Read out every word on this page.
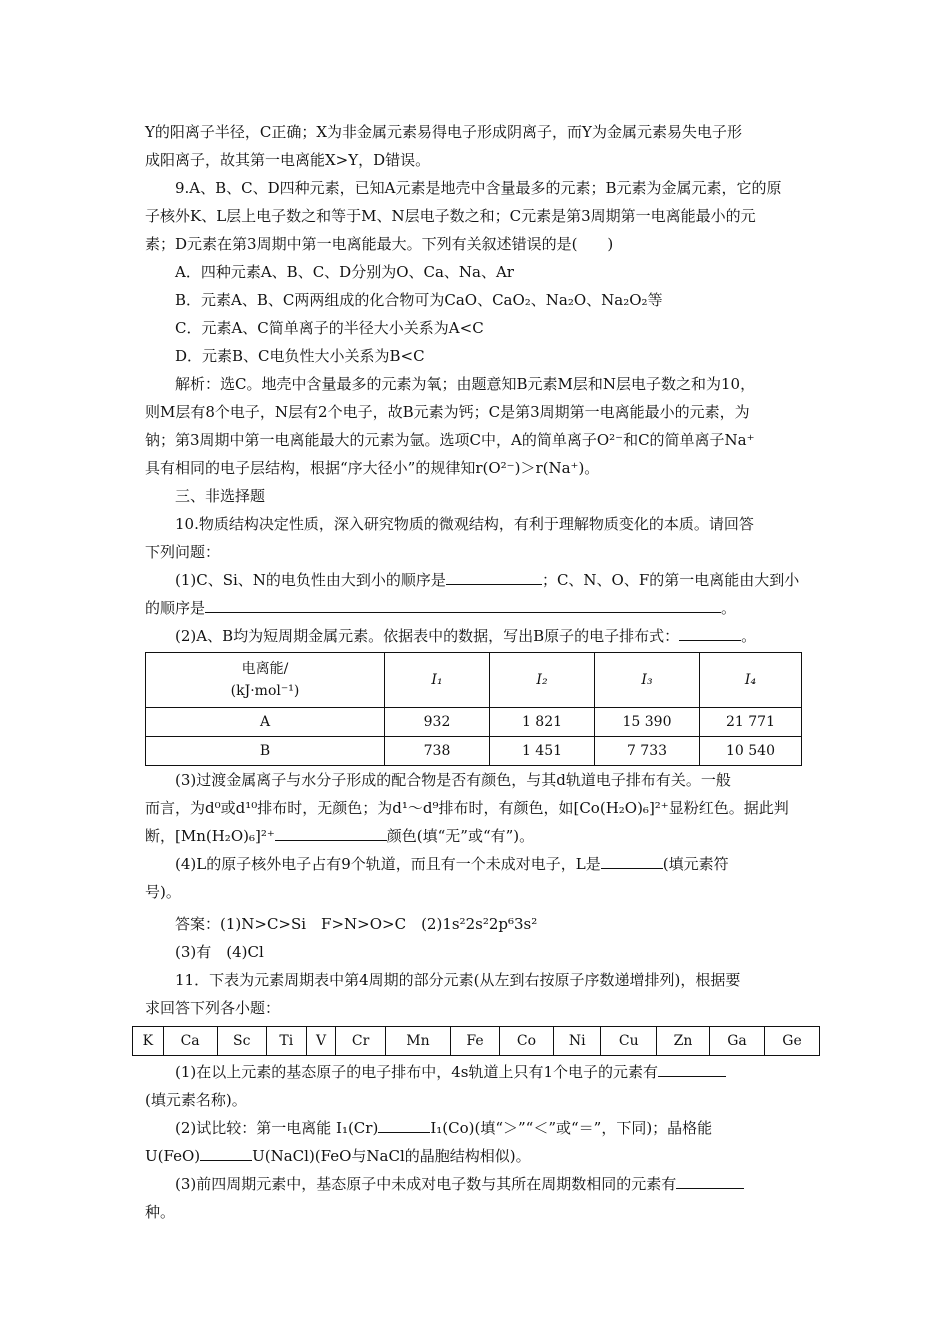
Y的阳离子半径，C正确；X为非金属元素易得电子形成阴离子，而Y为金属元素易失电子形

成阳离子，故其第一电离能X>Y，D错误。

9.A、B、C、D四种元素，已知A元素是地壳中含量最多的元素；B元素为金属元素，它的原

子核外K、L层上电子数之和等于M、N层电子数之和；C元素是第3周期第一电离能最小的元

素；D元素在第3周期中第一电离能最大。下列有关叙述错误的是(　　)

A．四种元素A、B、C、D分别为O、Ca、Na、Ar

B．元素A、B、C两两组成的化合物可为CaO、CaO₂、Na₂O、Na₂O₂等

C．元素A、C简单离子的半径大小关系为A<C

D．元素B、C电负性大小关系为B<C

解析：选C。地壳中含量最多的元素为氧；由题意知B元素M层和N层电子数之和为10，

则M层有8个电子，N层有2个电子，故B元素为钙；C是第3周期第一电离能最小的元素，为

钠；第3周期中第一电离能最大的元素为氩。选项C中，A的简单离子O²⁻和C的简单离子Na⁺

具有相同的电子层结构，根据“序大径小”的规律知r(O²⁻)＞r(Na⁺)。

三、非选择题

10.物质结构决定性质，深入研究物质的微观结构，有利于理解物质变化的本质。请回答

下列问题：

(1)C、Si、N的电负性由大到小的顺序是	；C、N、O、F的第一电离能由大到小

的顺序是	。

(2)A、B均为短周期金属元素。依据表中的数据，写出B原子的电子排布式：	。

电离能/
(kJ·mol⁻¹)	I₁	I₂	I₃	I₄
A	932	1 821	15 390	21 771
B	738	1 451	7 733	10 540

(3)过渡金属离子与水分子形成的配合物是否有颜色，与其d轨道电子排布有关。一般

而言，为d⁰或d¹⁰排布时，无颜色；为d¹～d⁹排布时，有颜色，如[Co(H₂O)₆]²⁺显粉红色。据此判

断，[Mn(H₂O)₆]²⁺	颜色(填“无”或“有”)。

(4)L的原子核外电子占有9个轨道，而且有一个未成对电子，L是	(填元素符

号)。

答案：(1)N>C>Si　F>N>O>C　(2)1s²2s²2p⁶3s²

(3)有　(4)Cl

11．下表为元素周期表中第4周期的部分元素(从左到右按原子序数递增排列)，根据要

求回答下列各小题：

K	Ca	Sc	Ti	V	Cr	Mn	Fe	Co	Ni	Cu	Zn	Ga	Ge

(1)在以上元素的基态原子的电子排布中，4s轨道上只有1个电子的元素有

(填元素名称)。

(2)试比较：第一电离能 I₁(Cr)	I₁(Co)(填“＞”“＜”或“＝”，下同)；晶格能

U(FeO)	U(NaCl)(FeO与NaCl的晶胞结构相似)。

(3)前四周期元素中，基态原子中未成对电子数与其所在周期数相同的元素有

种。
